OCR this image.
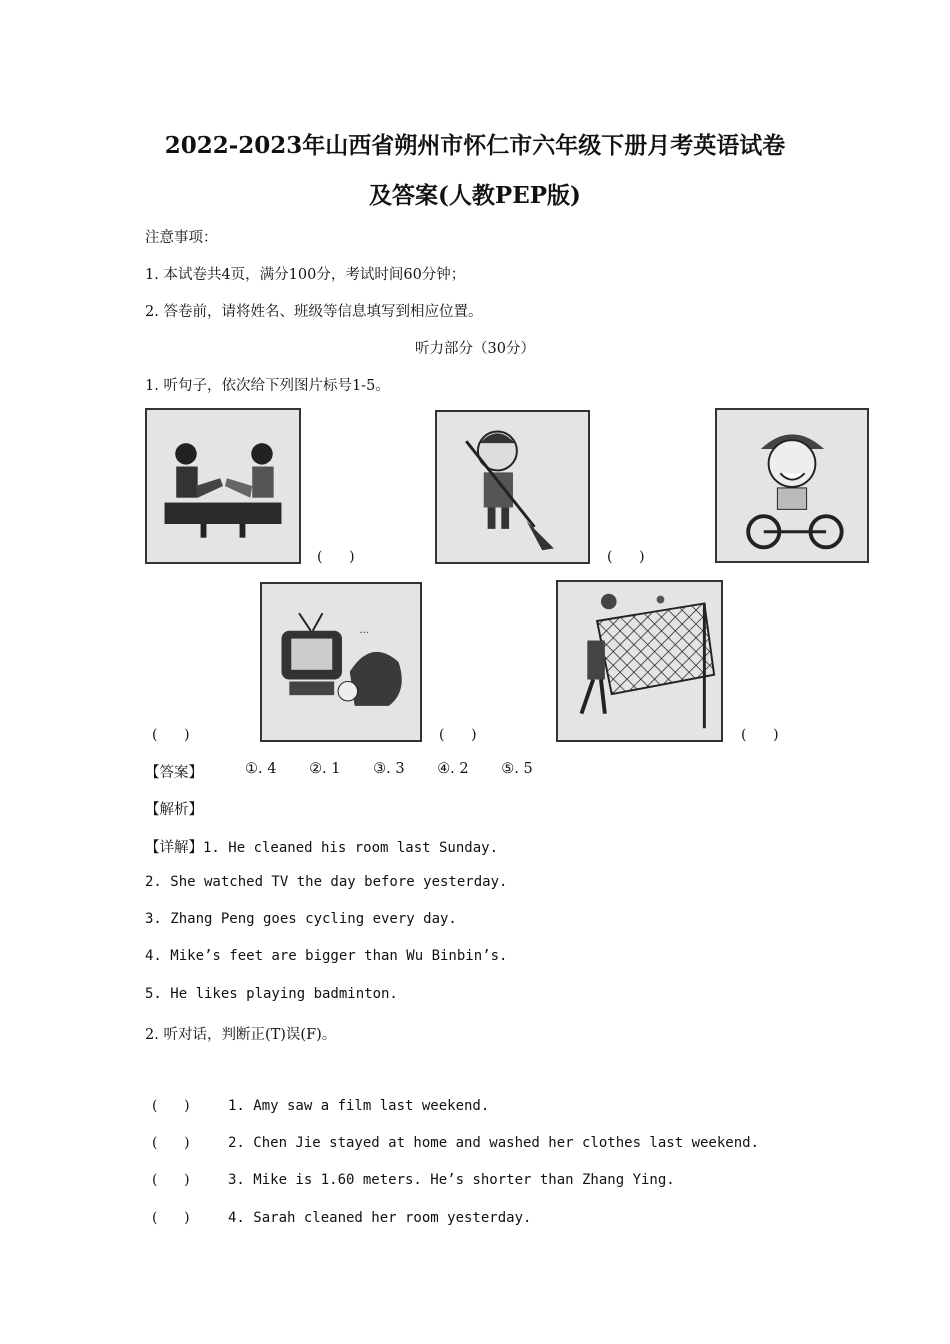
2022-2023年山西省朔州市怀仁市六年级下册月考英语试卷
及答案(人教PEP版)
注意事项：
1. 本试卷共4页，满分100分，考试时间60分钟；
2. 答卷前，请将姓名、班级等信息填写到相应位置。
听力部分（30分）
1. 听句子，依次给下列图片标号1-5。
(      )	(      )
...
(      )	(      )	(      )
【答案】	①. 4 ②. 1 ③. 3 ④. 2 ⑤. 5
【解析】
【详解】1. He cleaned his room last Sunday.
2. She watched TV the day before yesterday.
3. Zhang Peng goes cycling every day.
4. Mike’s feet are bigger than Wu Binbin’s.
5. He likes playing badminton.
2. 听对话，判断正(T)误(F)。
(      )	1. Amy saw a film last weekend.
(      )	2. Chen Jie stayed at home and washed her clothes last weekend.
(      )	3. Mike is 1.60 meters. He’s shorter than Zhang Ying.
(      )	4. Sarah cleaned her room yesterday.
